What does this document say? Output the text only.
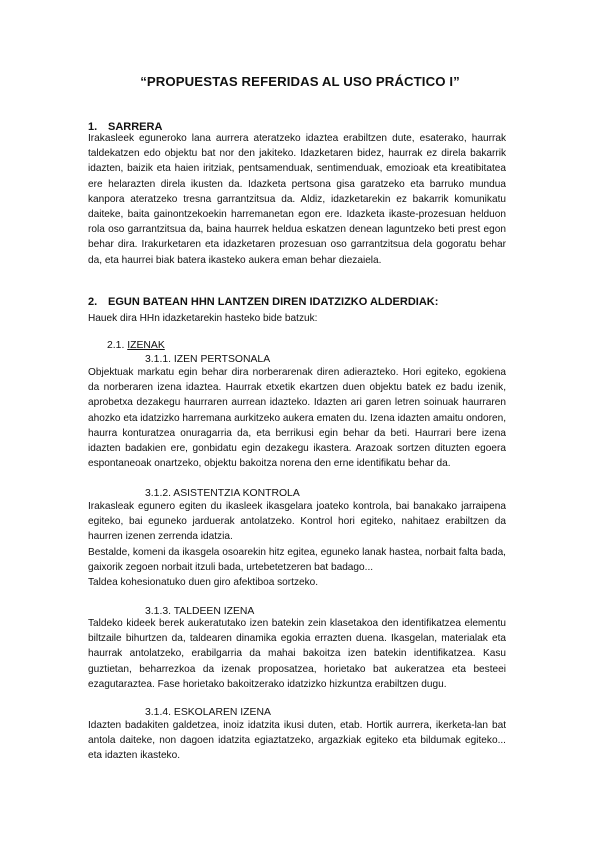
“PROPUESTAS REFERIDAS AL USO PRÁCTICO I”
1. SARRERA

Irakasleek eguneroko lana aurrera ateratzeko idaztea erabiltzen dute, esaterako, haurrak taldekatzen edo objektu bat nor den jakiteko. Idazketaren bidez, haurrak ez direla bakarrik idazten, baizik eta haien iritziak, pentsamenduak, sentimenduak, emozioak eta kreatibitatea ere helarazten direla ikusten da. Idazketa pertsona gisa garatzeko eta barruko mundua kanpora ateratzeko tresna garrantzitsua da. Aldiz, idazketarekin ez bakarrik komunikatu daiteke, baita gainontzekoekin harremanetan egon ere. Idazketa ikaste-prozesuan helduon rola oso garrantzitsua da, baina haurrek heldua eskatzen denean laguntzeko beti prest egon behar dira. Irakurketaren eta idazketaren prozesuan oso garrantzitsua dela gogoratu behar da, eta haurrei biak batera ikasteko aukera eman behar diezaiela.

2. EGUN BATEAN HHN LANTZEN DIREN IDATZIZKO ALDERDIAK:

Hauek dira HHn idazketarekin hasteko bide batzuk:

2.1. IZENAK
3.1.1. IZEN PERTSONALA

Objektuak markatu egin behar dira norberarenak diren adierazteko. Hori egiteko, egokiena da norberaren izena idaztea. Haurrak etxetik ekartzen duen objektu batek ez badu izenik, aprobetxa dezakegu haurraren aurrean idazteko. Idazten ari garen letren soinuak haurraren ahozko eta idatzizko harremana aurkitzeko aukera ematen du. Izena idazten amaitu ondoren, haurra konturatzea onuragarria da, eta berrikusi egin behar da beti. Haurrari bere izena idazten badakien ere, gonbidatu egin dezakegu ikastera. Arazoak sortzen dituzten egoera espontaneoak onartzeko, objektu bakoitza norena den erne identifikatu behar da.

3.1.2. ASISTENTZIA KONTROLA

Irakasleak egunero egiten du ikasleek ikasgelara joateko kontrola, bai banakako jarraipena egiteko, bai eguneko jarduerak antolatzeko. Kontrol hori egiteko, nahitaez erabiltzen da haurren izenen zerrenda idatzia.

Bestalde, komeni da ikasgela osoarekin hitz egitea, eguneko lanak hastea, norbait falta bada, gaixorik zegoen norbait itzuli bada, urtebetetzeren bat badago...

Taldea kohesionatuko duen giro afektiboa sortzeko.

3.1.3. TALDEEN IZENA

Taldeko kideek berek aukeratutako izen batekin zein klasetakoa den identifikatzea elementu biltzaile bihurtzen da, taldearen dinamika egokia errazten duena. Ikasgelan, materialak eta haurrak antolatzeko, erabilgarria da mahai bakoitza izen batekin identifikatzea. Kasu guztietan, beharrezkoa da izenak proposatzea, horietako bat aukeratzea eta besteei ezagutaraztea. Fase horietako bakoitzerako idatzizko hizkuntza erabiltzen dugu.

3.1.4. ESKOLAREN IZENA

Idazten badakiten galdetzea, inoiz idatzita ikusi duten, etab. Hortik aurrera, ikerketa-lan bat antola daiteke, non dagoen idatzita egiaztatzeko, argazkiak egiteko eta bildumak egiteko... eta idazten ikasteko.
